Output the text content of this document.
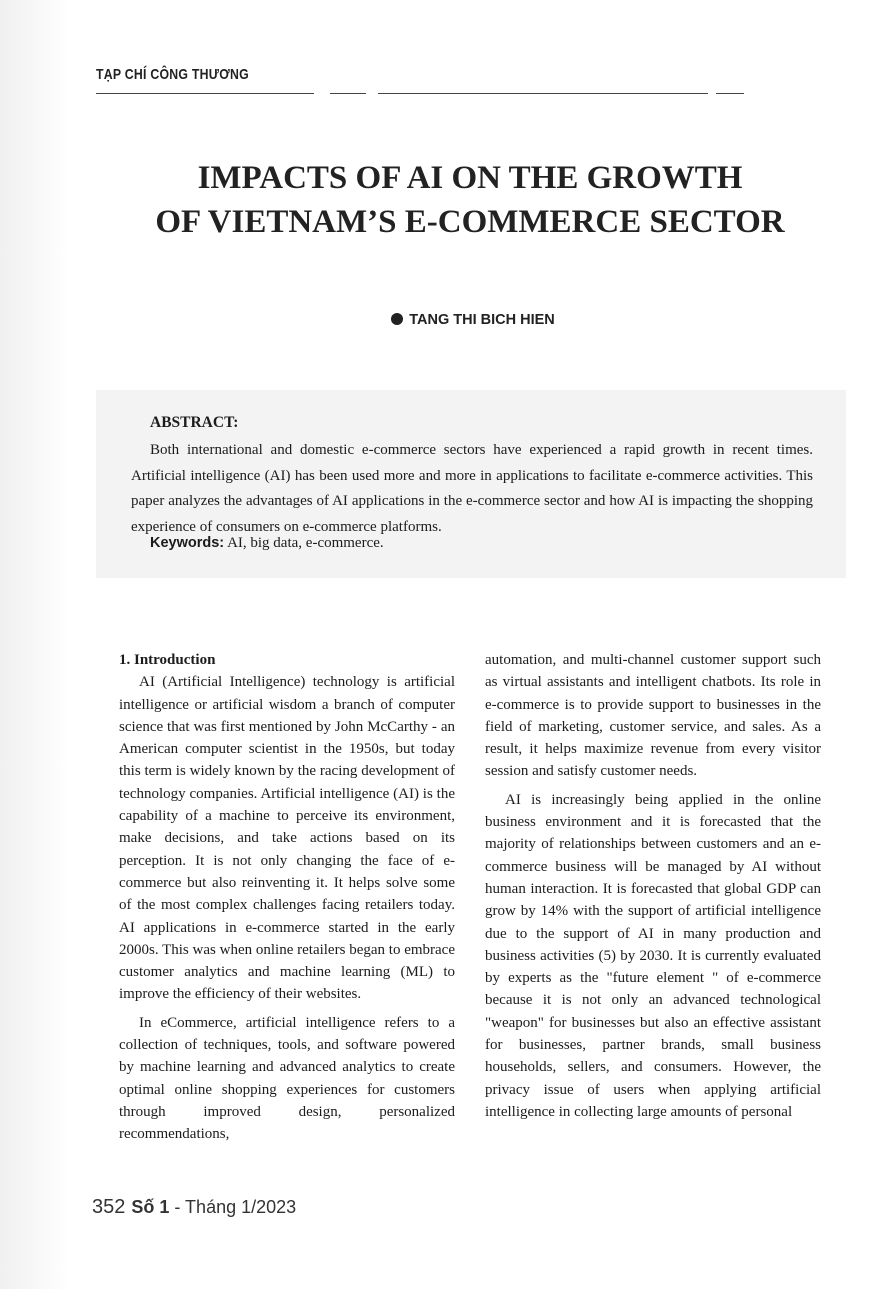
TẠP CHÍ CÔNG THƯƠNG
IMPACTS OF AI ON THE GROWTH
OF VIETNAM’S E-COMMERCE SECTOR
TANG THI BICH HIEN
ABSTRACT:

Both international and domestic e-commerce sectors have experienced a rapid growth in recent times. Artificial intelligence (AI) has been used more and more in applications to facilitate e-commerce activities. This paper analyzes the advantages of AI applications in the e-commerce sector and how AI is impacting the shopping experience of consumers on e-commerce platforms.

Keywords: AI, big data, e-commerce.

1. Introduction

AI (Artificial Intelligence) technology is artificial intelligence or artificial wisdom a branch of computer science that was first mentioned by John McCarthy - an American computer scientist in the 1950s, but today this term is widely known by the racing development of technology companies. Artificial intelligence (AI) is the capability of a machine to perceive its environment, make decisions, and take actions based on its perception. It is not only changing the face of e-commerce but also reinventing it. It helps solve some of the most complex challenges facing retailers today. AI applications in e-commerce started in the early 2000s. This was when online retailers began to embrace customer analytics and machine learning (ML) to improve the efficiency of their websites.

In eCommerce, artificial intelligence refers to a collection of techniques, tools, and software powered by machine learning and advanced analytics to create optimal online shopping experiences for customers through improved design, personalized recommendations,

automation, and multi-channel customer support such as virtual assistants and intelligent chatbots. Its role in e-commerce is to provide support to businesses in the field of marketing, customer service, and sales. As a result, it helps maximize revenue from every visitor session and satisfy customer needs.

AI is increasingly being applied in the online business environment and it is forecasted that the majority of relationships between customers and an e-commerce business will be managed by AI without human interaction. It is forecasted that global GDP can grow by 14% with the support of artificial intelligence due to the support of AI in many production and business activities (5) by 2030. It is currently evaluated by experts as the "future element " of e-commerce because it is not only an advanced technological "weapon" for businesses but also an effective assistant for businesses, partner brands, small business households, sellers, and consumers. However, the privacy issue of users when applying artificial intelligence in collecting large amounts of personal

352 Số 1 - Tháng 1/2023
